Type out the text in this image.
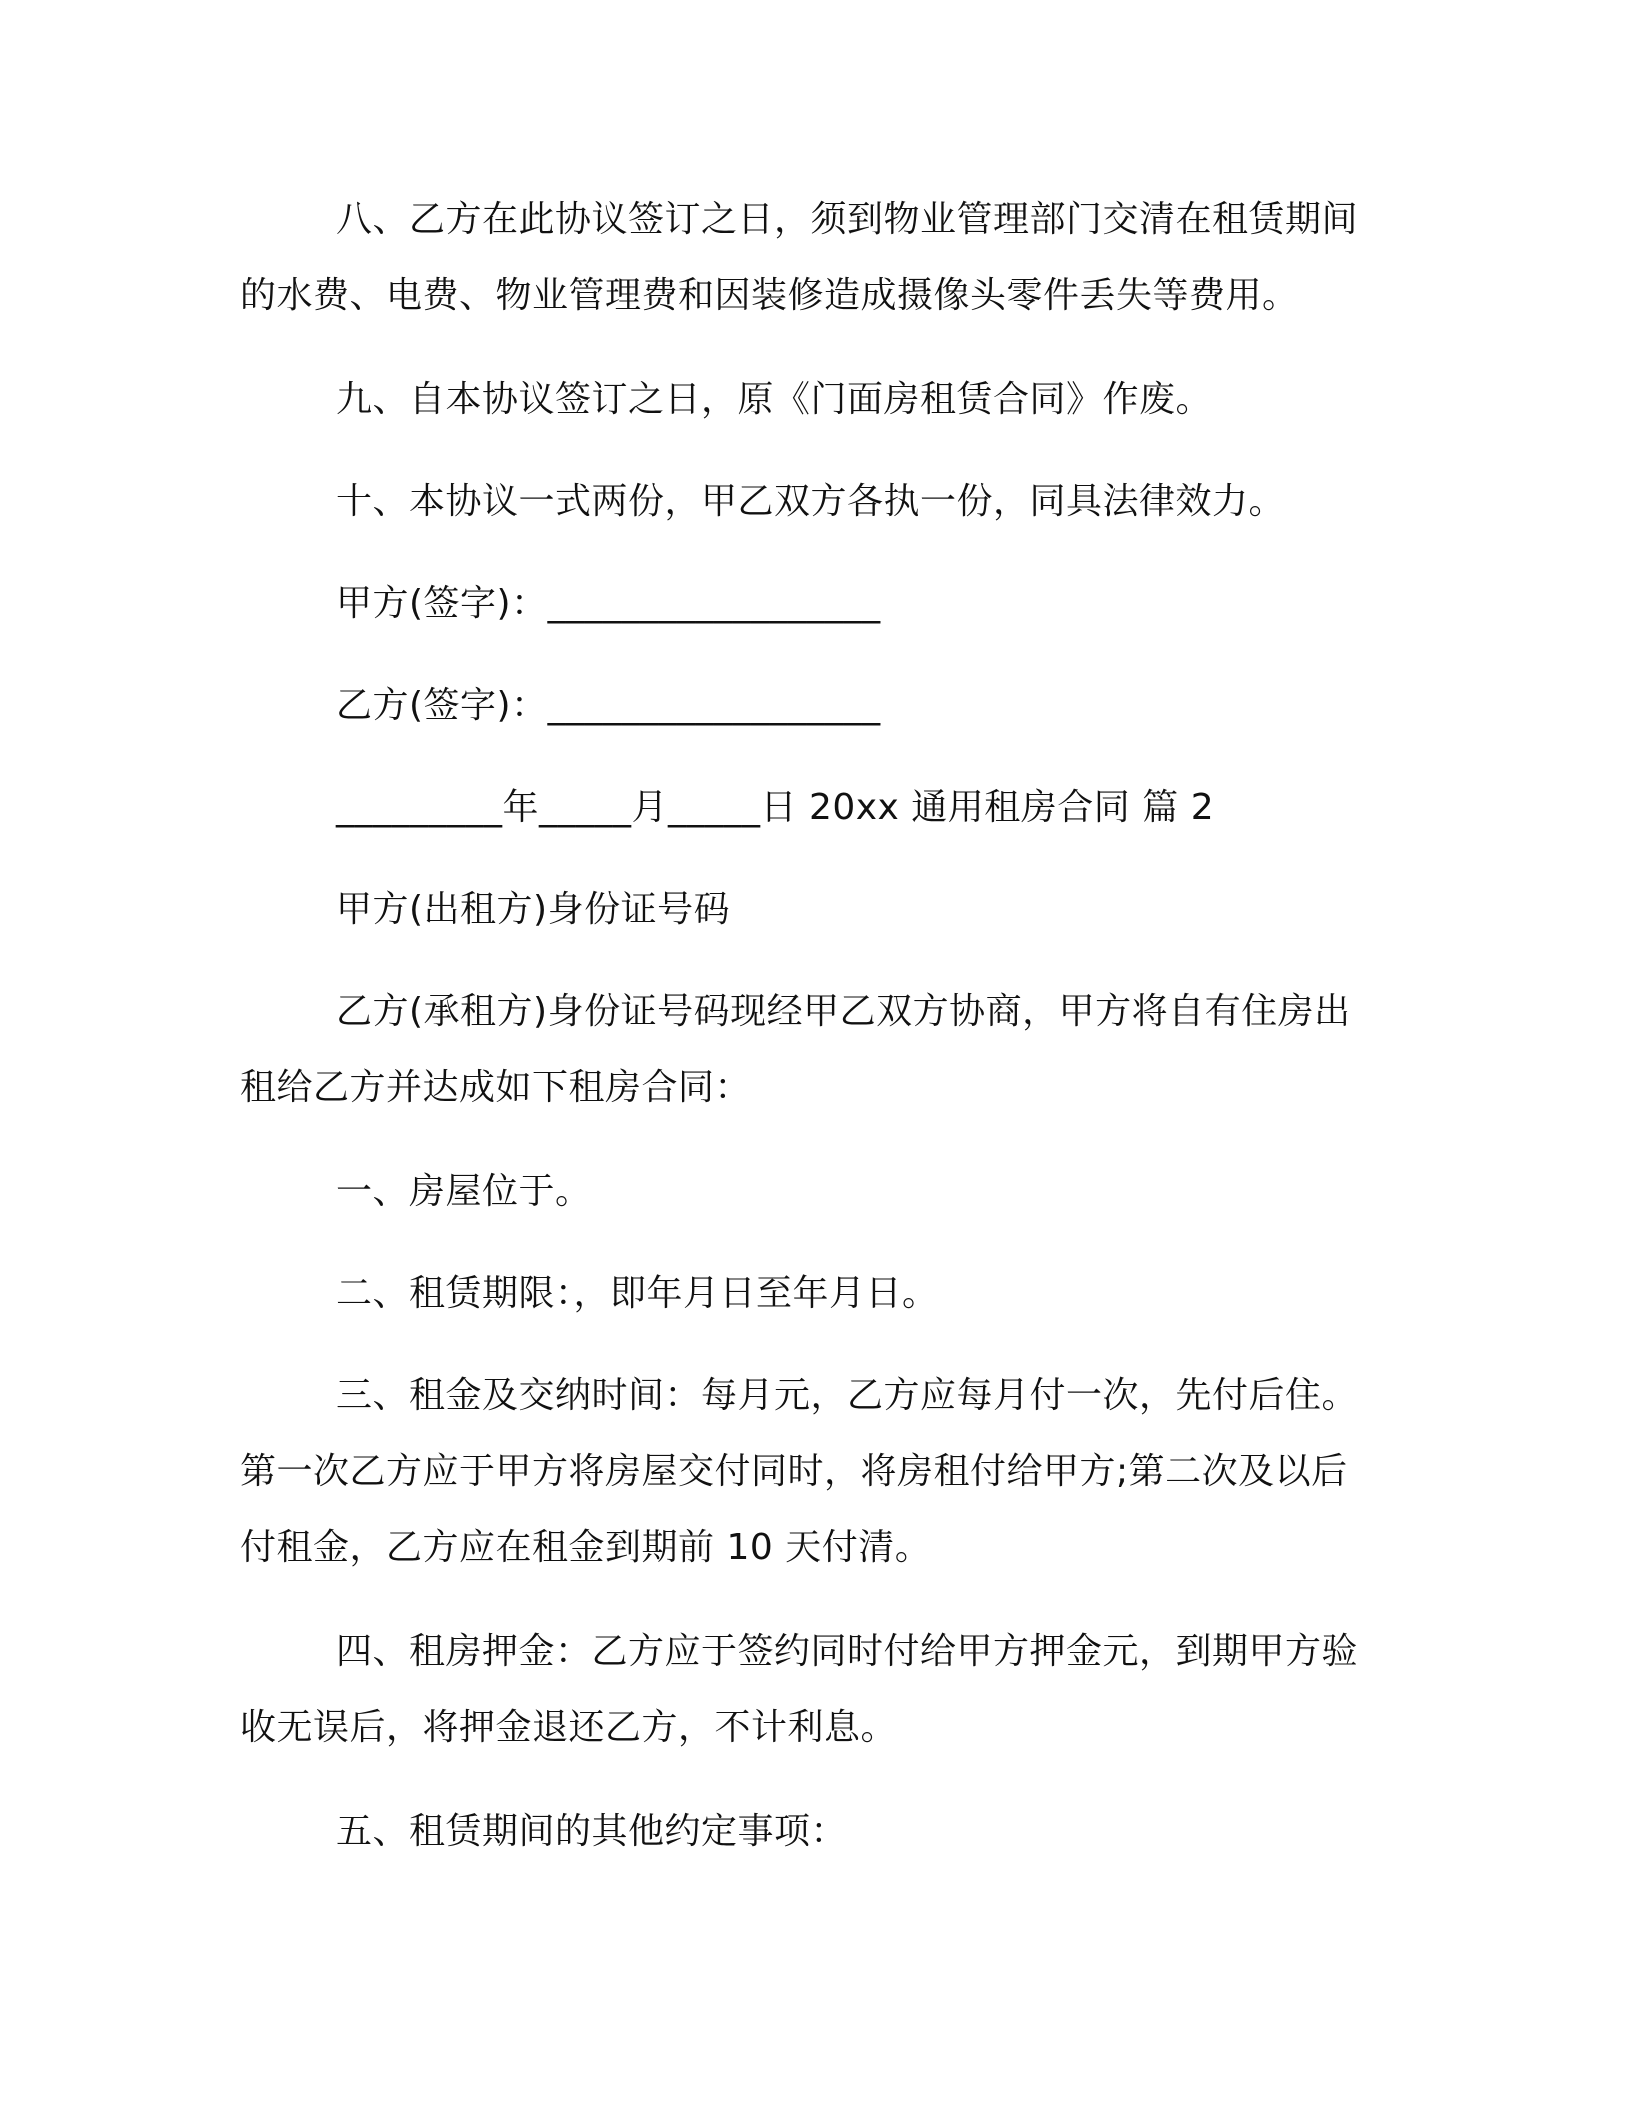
八、乙方在此协议签订之日，须到物业管理部门交清在租赁期间的水费、电费、物业管理费和因装修造成摄像头零件丢失等费用。

九、自本协议签订之日，原《门面房租赁合同》作废。

十、本协议一式两份，甲乙双方各执一份，同具法律效力。

甲方(签字)：__________________

乙方(签字)：__________________

_________年_____月_____日 20xx 通用租房合同 篇 2

甲方(出租方)身份证号码

乙方(承租方)身份证号码现经甲乙双方协商，甲方将自有住房出租给乙方并达成如下租房合同：

一、房屋位于。

二、租赁期限：，即年月日至年月日。

三、租金及交纳时间：每月元，乙方应每月付一次，先付后住。第一次乙方应于甲方将房屋交付同时，将房租付给甲方;第二次及以后付租金，乙方应在租金到期前 10 天付清。

四、租房押金：乙方应于签约同时付给甲方押金元，到期甲方验收无误后，将押金退还乙方，不计利息。

五、租赁期间的其他约定事项：
